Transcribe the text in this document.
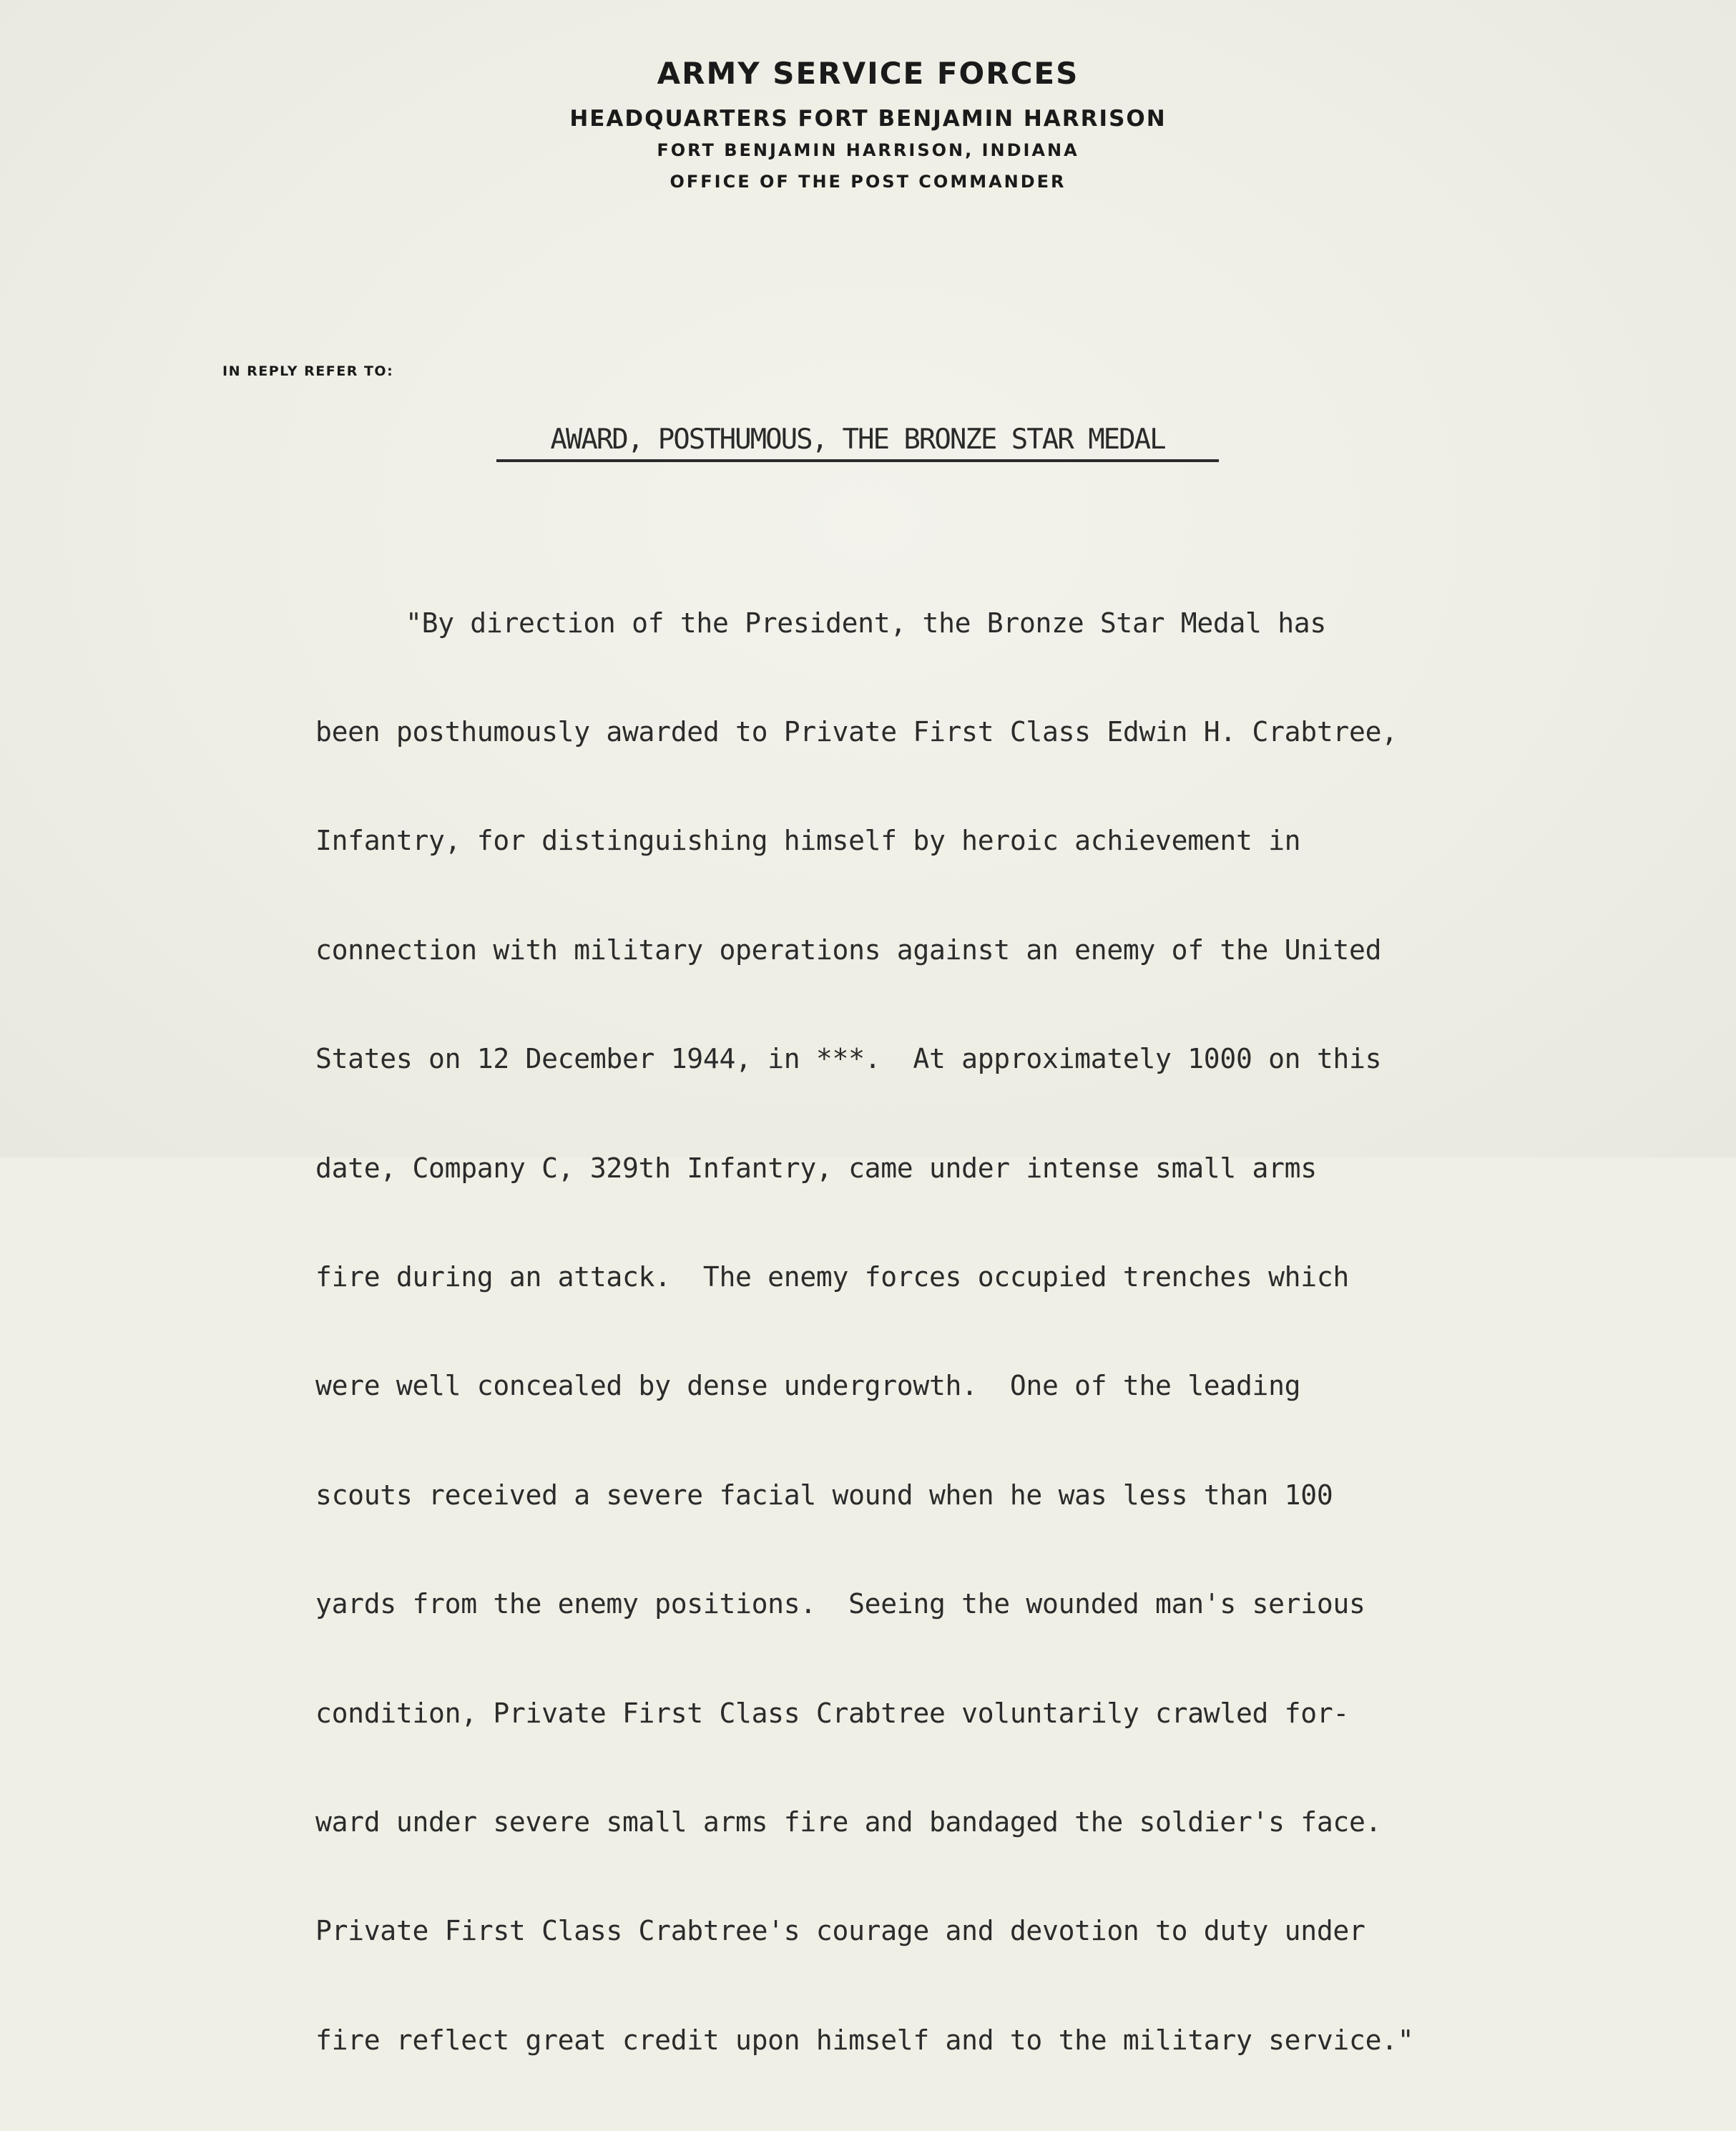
ARMY SERVICE FORCES
HEADQUARTERS FORT BENJAMIN HARRISON
FORT BENJAMIN HARRISON, INDIANA
OFFICE OF THE POST COMMANDER
IN REPLY REFER TO:
AWARD, POSTHUMOUS, THE BRONZE STAR MEDAL

"By direction of the President, the Bronze Star Medal has

been posthumously awarded to Private First Class Edwin H. Crabtree,

Infantry, for distinguishing himself by heroic achievement in

connection with military operations against an enemy of the United

States on 12 December 1944, in ***.  At approximately 1000 on this

date, Company C, 329th Infantry, came under intense small arms

fire during an attack.  The enemy forces occupied trenches which

were well concealed by dense undergrowth.  One of the leading

scouts received a severe facial wound when he was less than 100

yards from the enemy positions.  Seeing the wounded man's serious

condition, Private First Class Crabtree voluntarily crawled for-

ward under severe small arms fire and bandaged the soldier's face.

Private First Class Crabtree's courage and devotion to duty under

fire reflect great credit upon himself and to the military service."
